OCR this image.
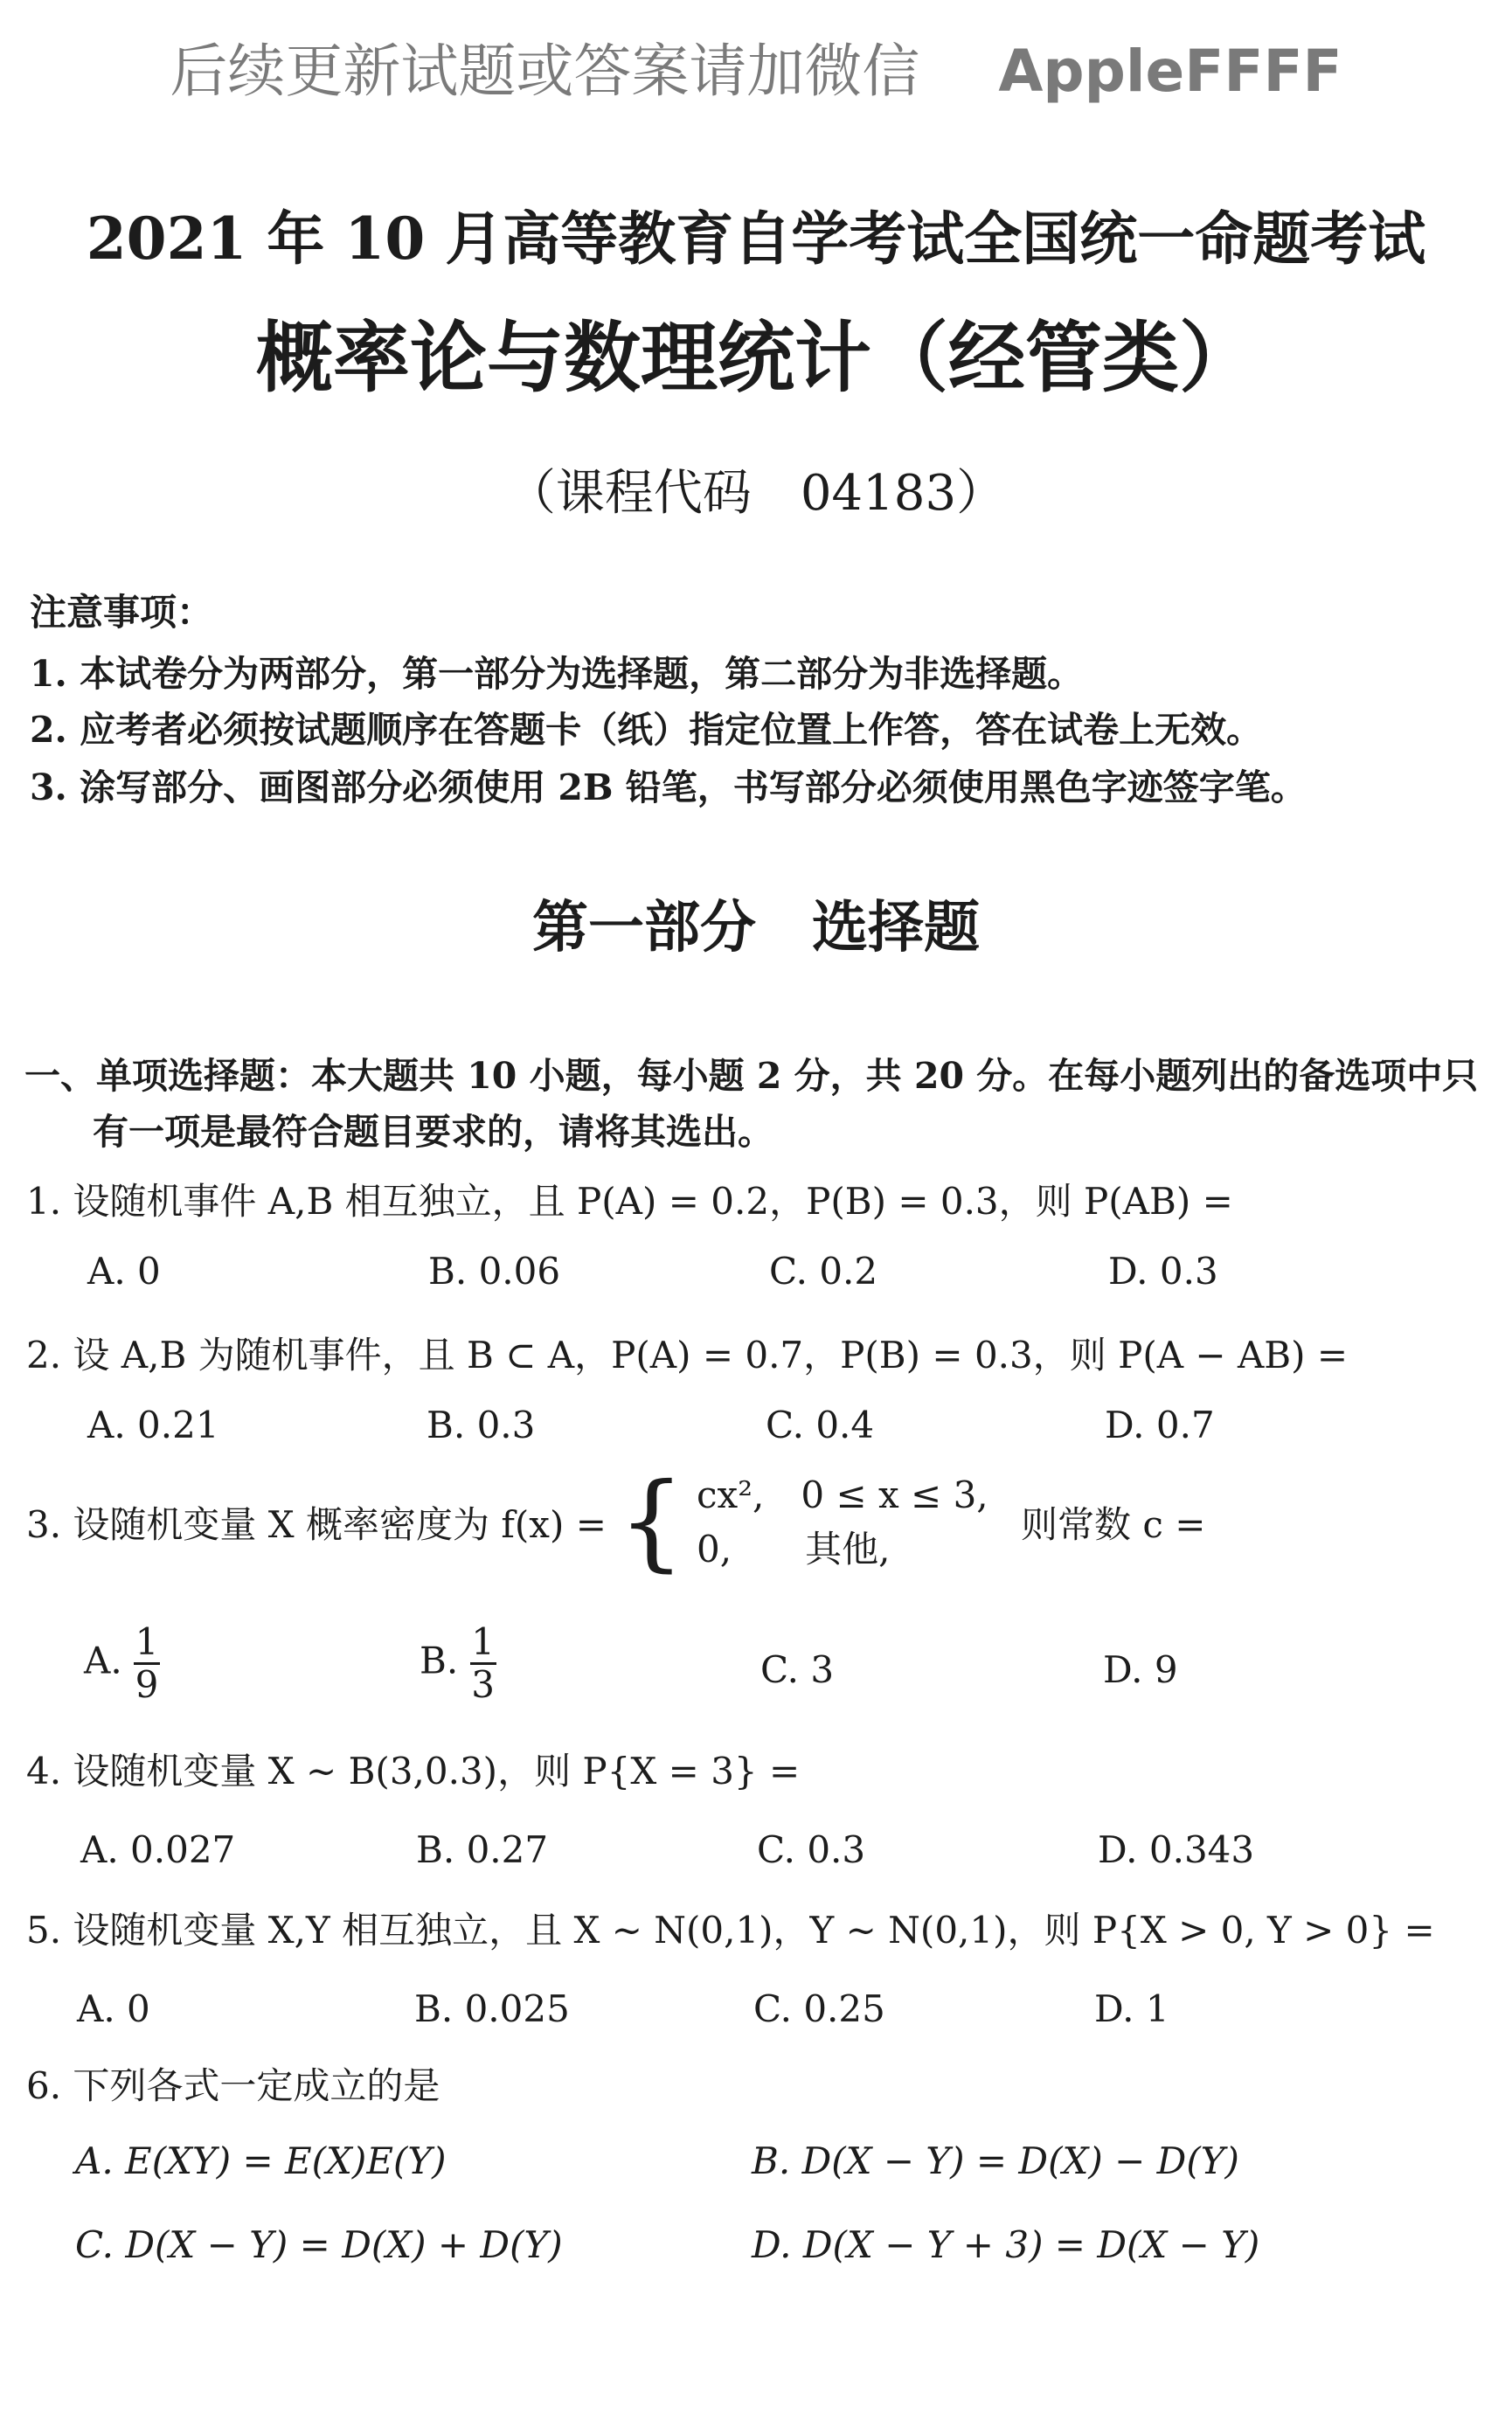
后续更新试题或答案请加微信 AppleFFFF
2021 年 10 月高等教育自学考试全国统一命题考试
概率论与数理统计（经管类）
（课程代码　04183）
注意事项：
1. 本试卷分为两部分，第一部分为选择题，第二部分为非选择题。
2. 应考者必须按试题顺序在答题卡（纸）指定位置上作答，答在试卷上无效。
3. 涂写部分、画图部分必须使用 2B 铅笔，书写部分必须使用黑色字迹签字笔。
第一部分　选择题
一、单项选择题：本大题共 10 小题，每小题 2 分，共 20 分。在每小题列出的备选项中只
有一项是最符合题目要求的，请将其选出。
1. 设随机事件 A,B 相互独立，且 P(A) = 0.2，P(B) = 0.3，则 P(AB) =
A. 0	B. 0.06	C. 0.2	D. 0.3
2. 设 A,B 为随机事件，且 B ⊂ A，P(A) = 0.7，P(B) = 0.3，则 P(A − AB) =
A. 0.21	B. 0.3	C. 0.4	D. 0.7
3. 设随机变量 X 概率密度为 f(x) = { cx²,　0 ≤ x ≤ 3,
0,　　其他, 则常数 c =
A. $\frac{1}{9}$	B. $\frac{1}{3}$	C. 3	D. 9
4. 设随机变量 X ~ B(3,0.3)，则 P{X = 3} =
A. 0.027	B. 0.27	C. 0.3	D. 0.343
5. 设随机变量 X,Y 相互独立，且 X ~ N(0,1)，Y ~ N(0,1)，则 P{X > 0, Y > 0} =
A. 0	B. 0.025	C. 0.25	D. 1
6. 下列各式一定成立的是
A. E(XY) = E(X)E(Y)	B. D(X − Y) = D(X) − D(Y)
C. D(X − Y) = D(X) + D(Y)	D. D(X − Y + 3) = D(X − Y)
